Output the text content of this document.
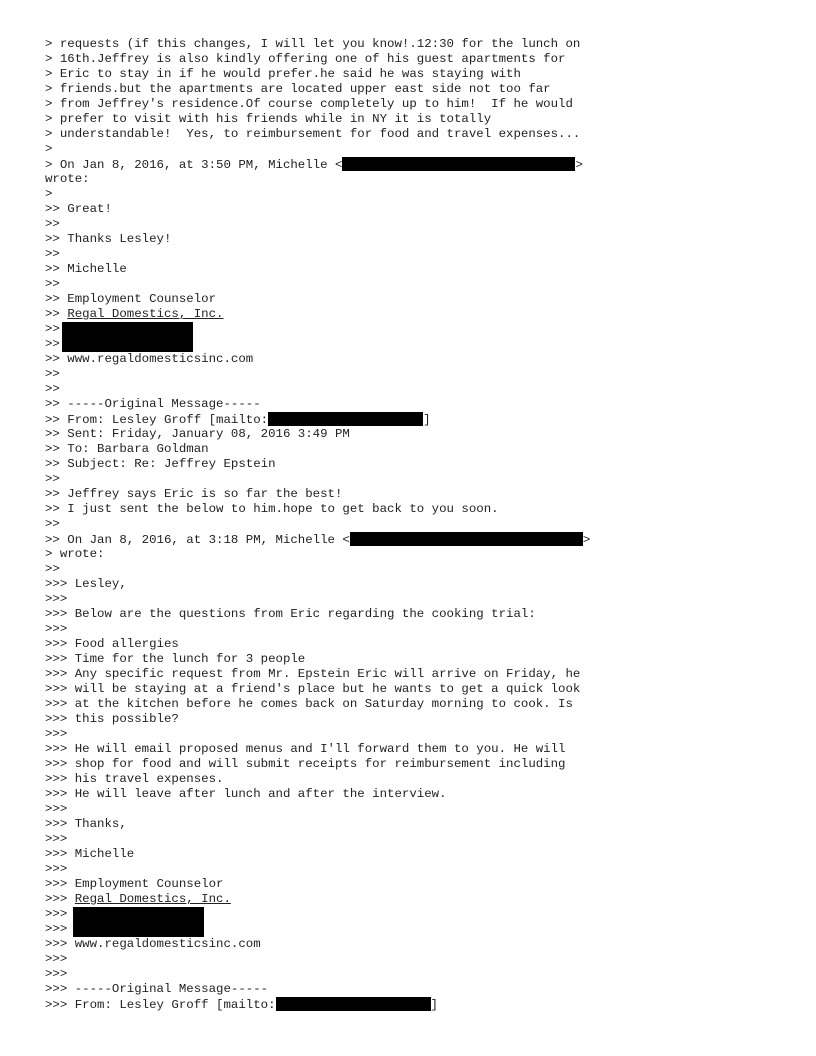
> requests (if this changes, I will let you know!.12:30 for the lunch on
> 16th.Jeffrey is also kindly offering one of his guest apartments for
> Eric to stay in if he would prefer.he said he was staying with
> friends.but the apartments are located upper east side not too far
> from Jeffrey's residence.Of course completely up to him!  If he would
> prefer to visit with his friends while in NY it is totally
> understandable!  Yes, to reimbursement for food and travel expenses...
>
> On Jan 8, 2016, at 3:50 PM, Michelle <	>
wrote:
>
>> Great!
>>
>> Thanks Lesley!
>>
>> Michelle
>>
>> Employment Counselor
>> Regal Domestics, Inc.
>>
>>
>> www.regaldomesticsinc.com
>>
>>
>> -----Original Message-----
>> From: Lesley Groff [mailto:	]
>> Sent: Friday, January 08, 2016 3:49 PM
>> To: Barbara Goldman
>> Subject: Re: Jeffrey Epstein
>>
>> Jeffrey says Eric is so far the best!
>> I just sent the below to him.hope to get back to you soon.
>>
>> On Jan 8, 2016, at 3:18 PM, Michelle <	>
> wrote:
>>
>>> Lesley,
>>>
>>> Below are the questions from Eric regarding the cooking trial:
>>>
>>> Food allergies
>>> Time for the lunch for 3 people
>>> Any specific request from Mr. Epstein Eric will arrive on Friday, he
>>> will be staying at a friend's place but he wants to get a quick look
>>> at the kitchen before he comes back on Saturday morning to cook. Is
>>> this possible?
>>>
>>> He will email proposed menus and I'll forward them to you. He will
>>> shop for food and will submit receipts for reimbursement including
>>> his travel expenses.
>>> He will leave after lunch and after the interview.
>>>
>>> Thanks,
>>>
>>> Michelle
>>>
>>> Employment Counselor
>>> Regal Domestics, Inc.
>>>
>>>
>>> www.regaldomesticsinc.com
>>>
>>>
>>> -----Original Message-----
>>> From: Lesley Groff [mailto:	]
